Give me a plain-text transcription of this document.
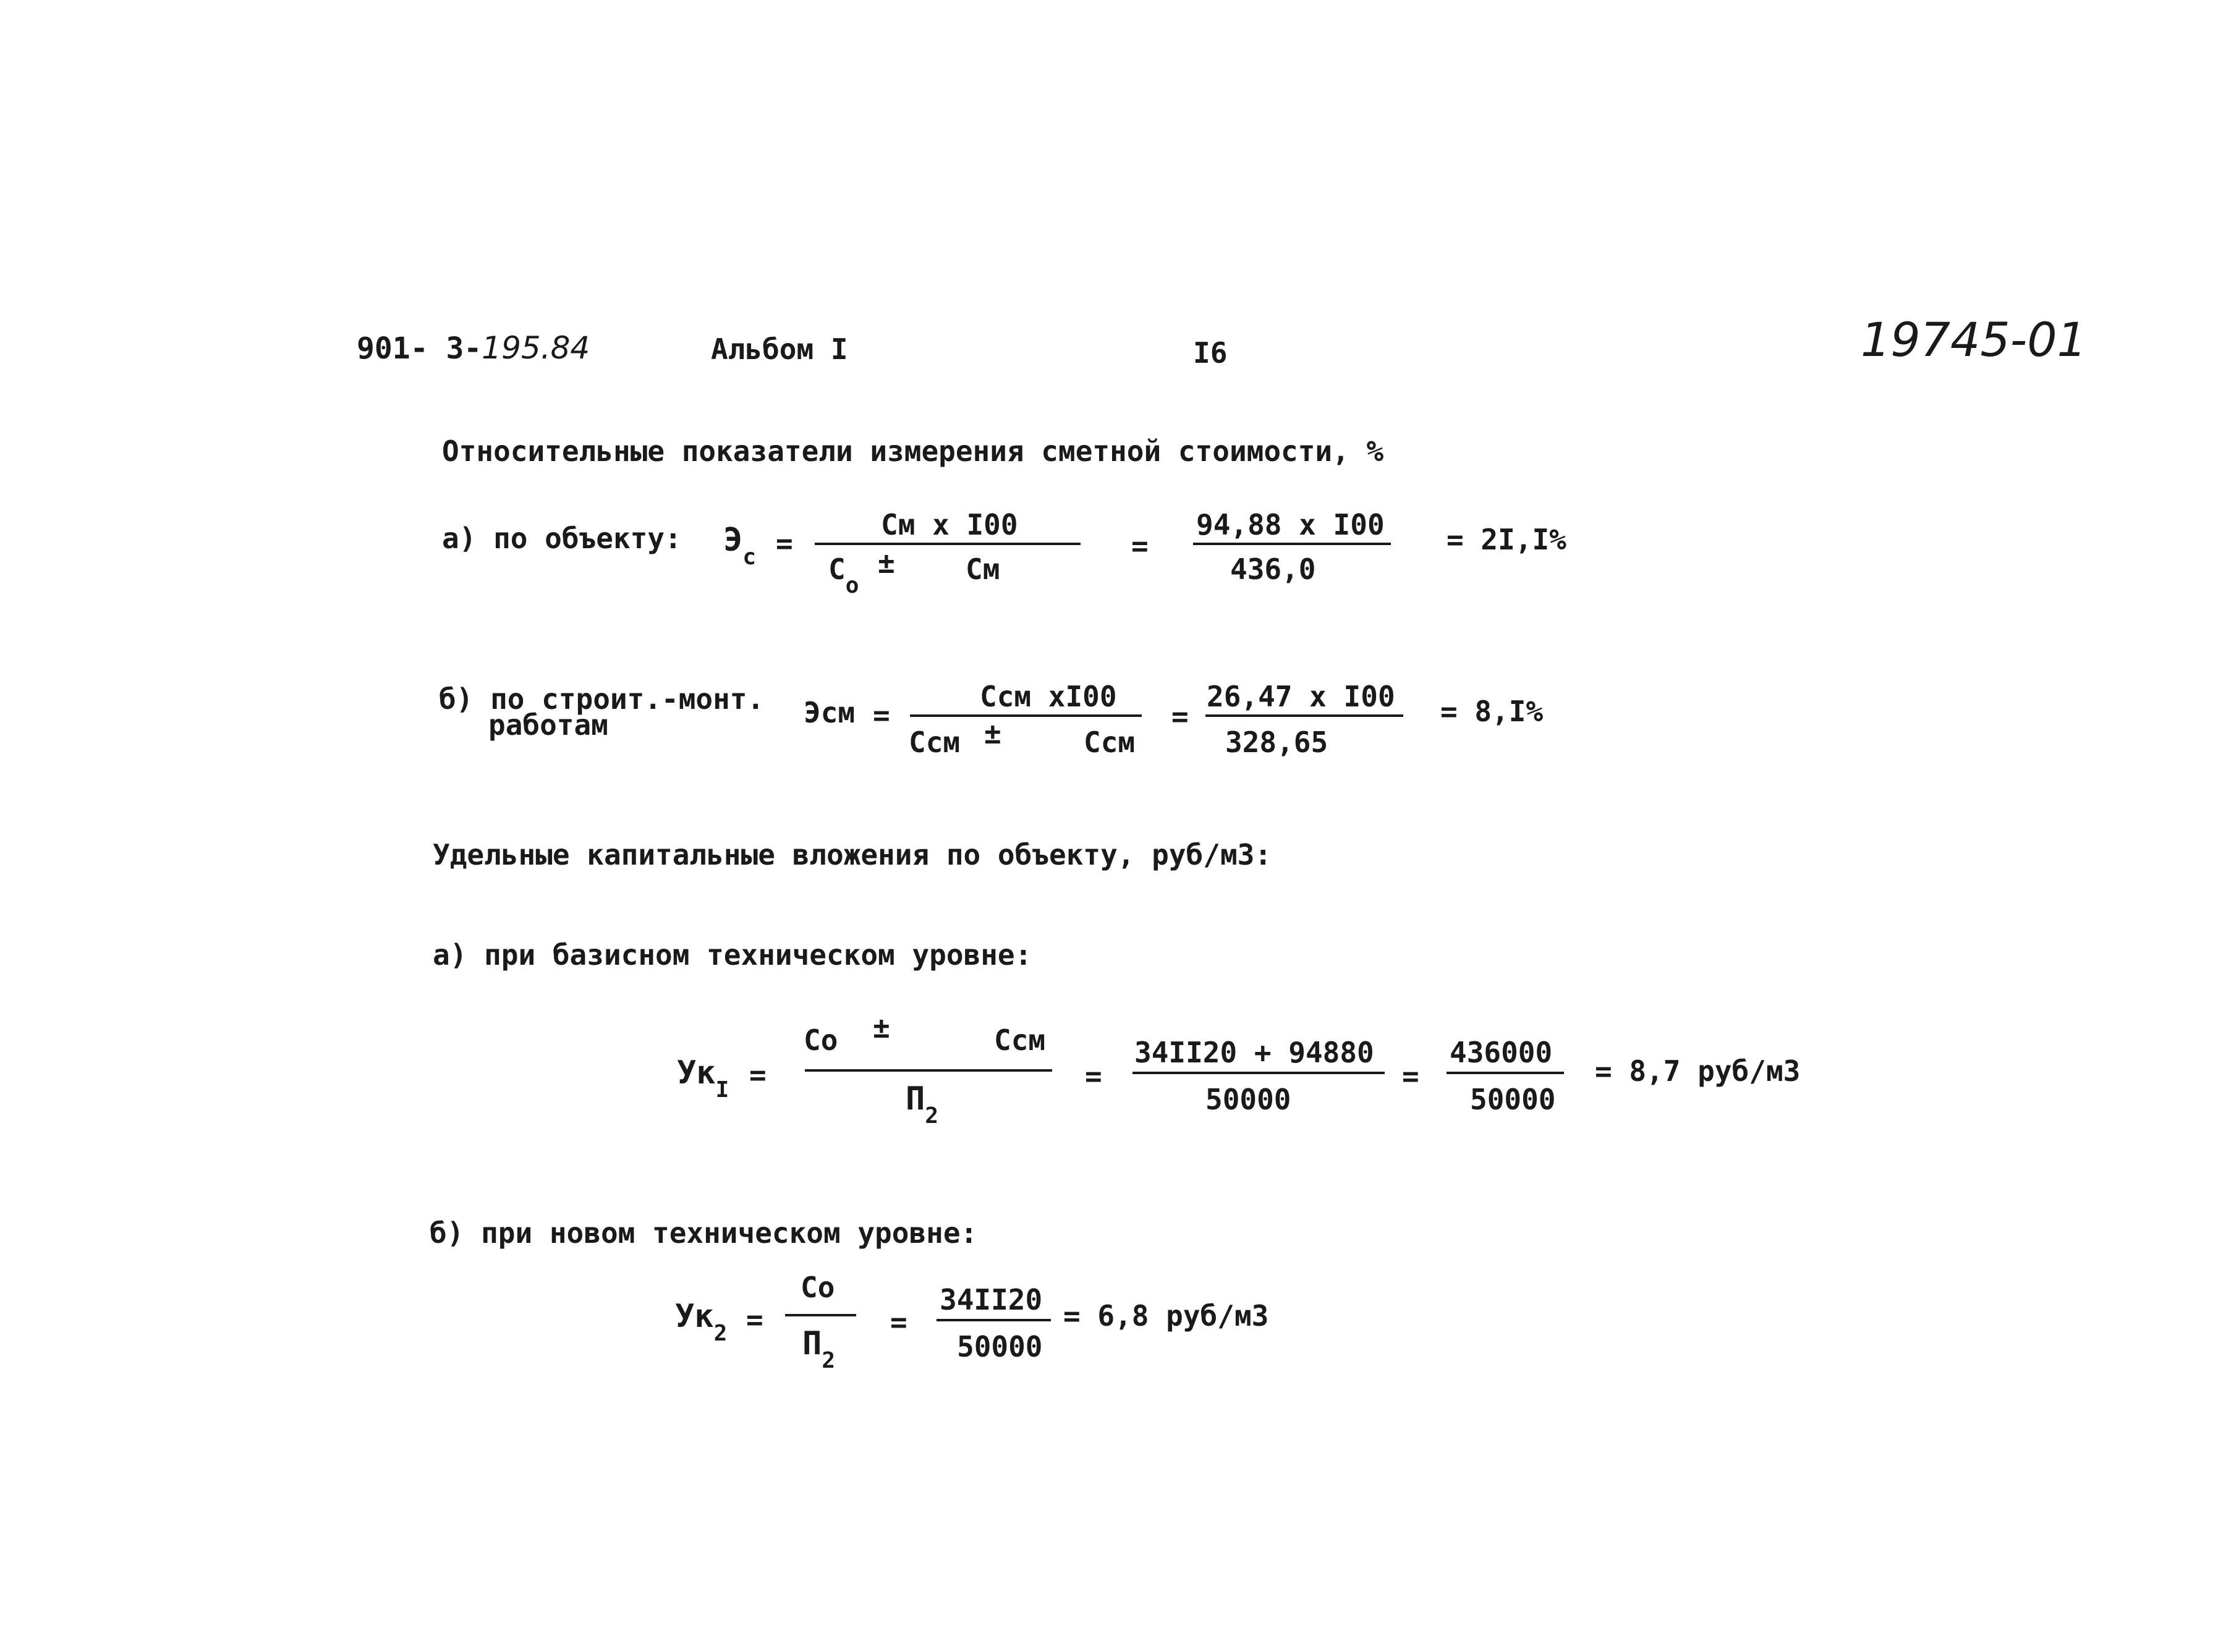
901- 3-195.84	Альбом I	I6	19745-01
Относительные показатели измерения сметной стоимости, %
а) по объекту: $Э_с$ =
См х I00
$С_о$
± См
=
94,88 х I00
436,0
= 2I,I%
б) по строит.-монт.
работам	Эсм =
Ссм хI00
Ссм ±	Ссм
=
26,47 х I00
328,65
= 8,I%
Удельные капитальные вложения по объекту, руб/м3:
а) при базисном техническом уровне:
$Ук_I$ =
Со ±	Ссм
$П_2$
=
34II20 + 94880
50000
=
436000
50000
= 8,7 руб/м3
б) при новом техническом уровне:
$Ук_2$ =
Со
$П_2$
=
34II20
50000
= 6,8 руб/м3
